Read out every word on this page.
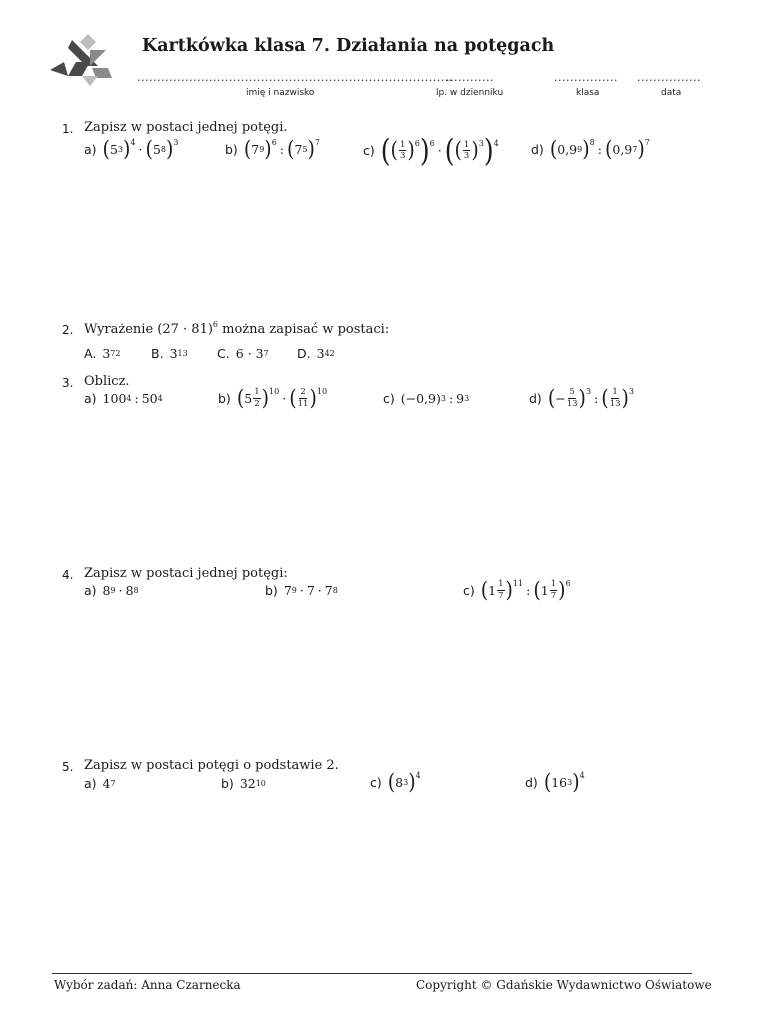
Kartkówka klasa 7. Działania na potęgach
...............................................................................
............	................ ................
imię i nazwisko	lp. w dzienniku	klasa	data
1. Zapisz w postaci jednej potęgi.
a) ( 5 3 ) 4 · ( 5 8 ) 3	b) ( 7 9 ) 6 : ( 7 5 ) 7
c) ( ( $\frac{1}{3}$ ) 6 ) 6 · ( ( $\frac{1}{3}$ ) 3 ) 4	d) ( 0,9 9 ) 8 : ( 0,9 7 ) 7
2. Wyrażenie $(27 \cdot 81)^6$ można zapisać w postaci:
A. 3 72 B. 3 13 C. 6 · 3 7 D. 3 42
3. Oblicz.
a) 100 4 : 50 4	b) ( $5 \frac{1}{2}$ ) 10 · ( $\frac{2}{11}$ ) 10	c) (−0,9) 3 : 9 3	d) ( − $\frac{5}{13}$ ) 3 : ( $\frac{1}{13}$ ) 3
4. Zapisz w postaci jednej potęgi:
a) 8 9 · 8 8	b) 7 9 · 7 · 7 8	c) ( $1 \frac{1}{7}$ ) 11 : ( $1 \frac{1}{7}$ ) 6
5. Zapisz w postaci potęgi o podstawie 2.
a) 4 7	b) 32 10	c) ( 8 3 ) 4	d) ( 16 3 ) 4
Wybór zadań: Anna Czarnecka	Copyright © Gdańskie Wydawnictwo Oświatowe
